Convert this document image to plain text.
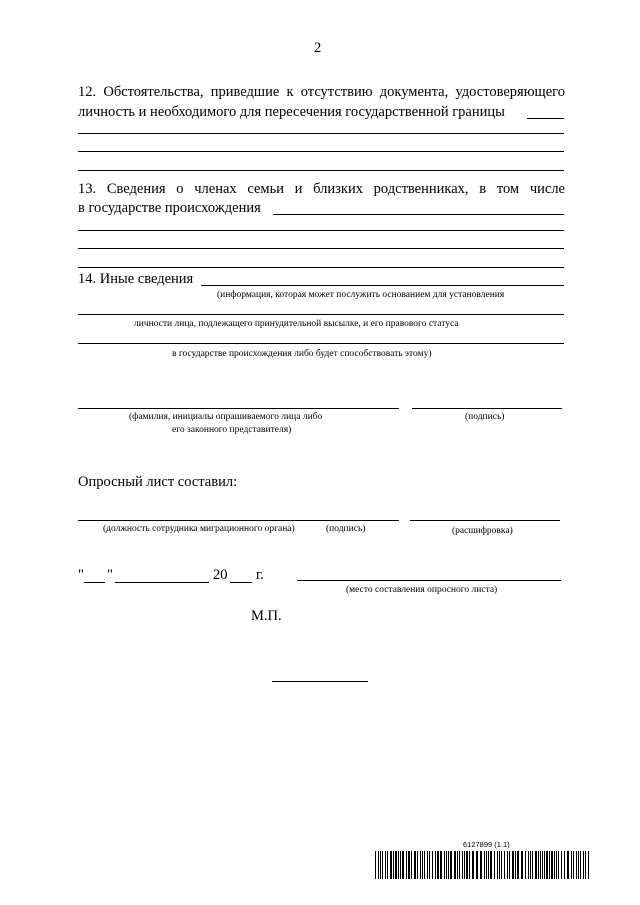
2
12. Обстоятельства, приведшие к отсутствию документа, удостоверяющего
личность и необходимого для пересечения государственной границы
13. Сведения о членах семьи и близких родственниках, в том числе
в государстве происхождения
14. Иные сведения
(информация, которая может послужить основанием для установления
личности лица, подлежащего принудительной высылке, и его правового статуса
в государстве происхождения либо будет способствовать этому)
(фамилия, инициалы опрашиваемого лица либо
его законного представителя)
(подпись)
Опросный лист составил:
(должность сотрудника миграционного органа)	(подпись)	(расшифровка)
" "	20 г.
(место составления опросного листа)
М.П.
6127899 (1.1)
